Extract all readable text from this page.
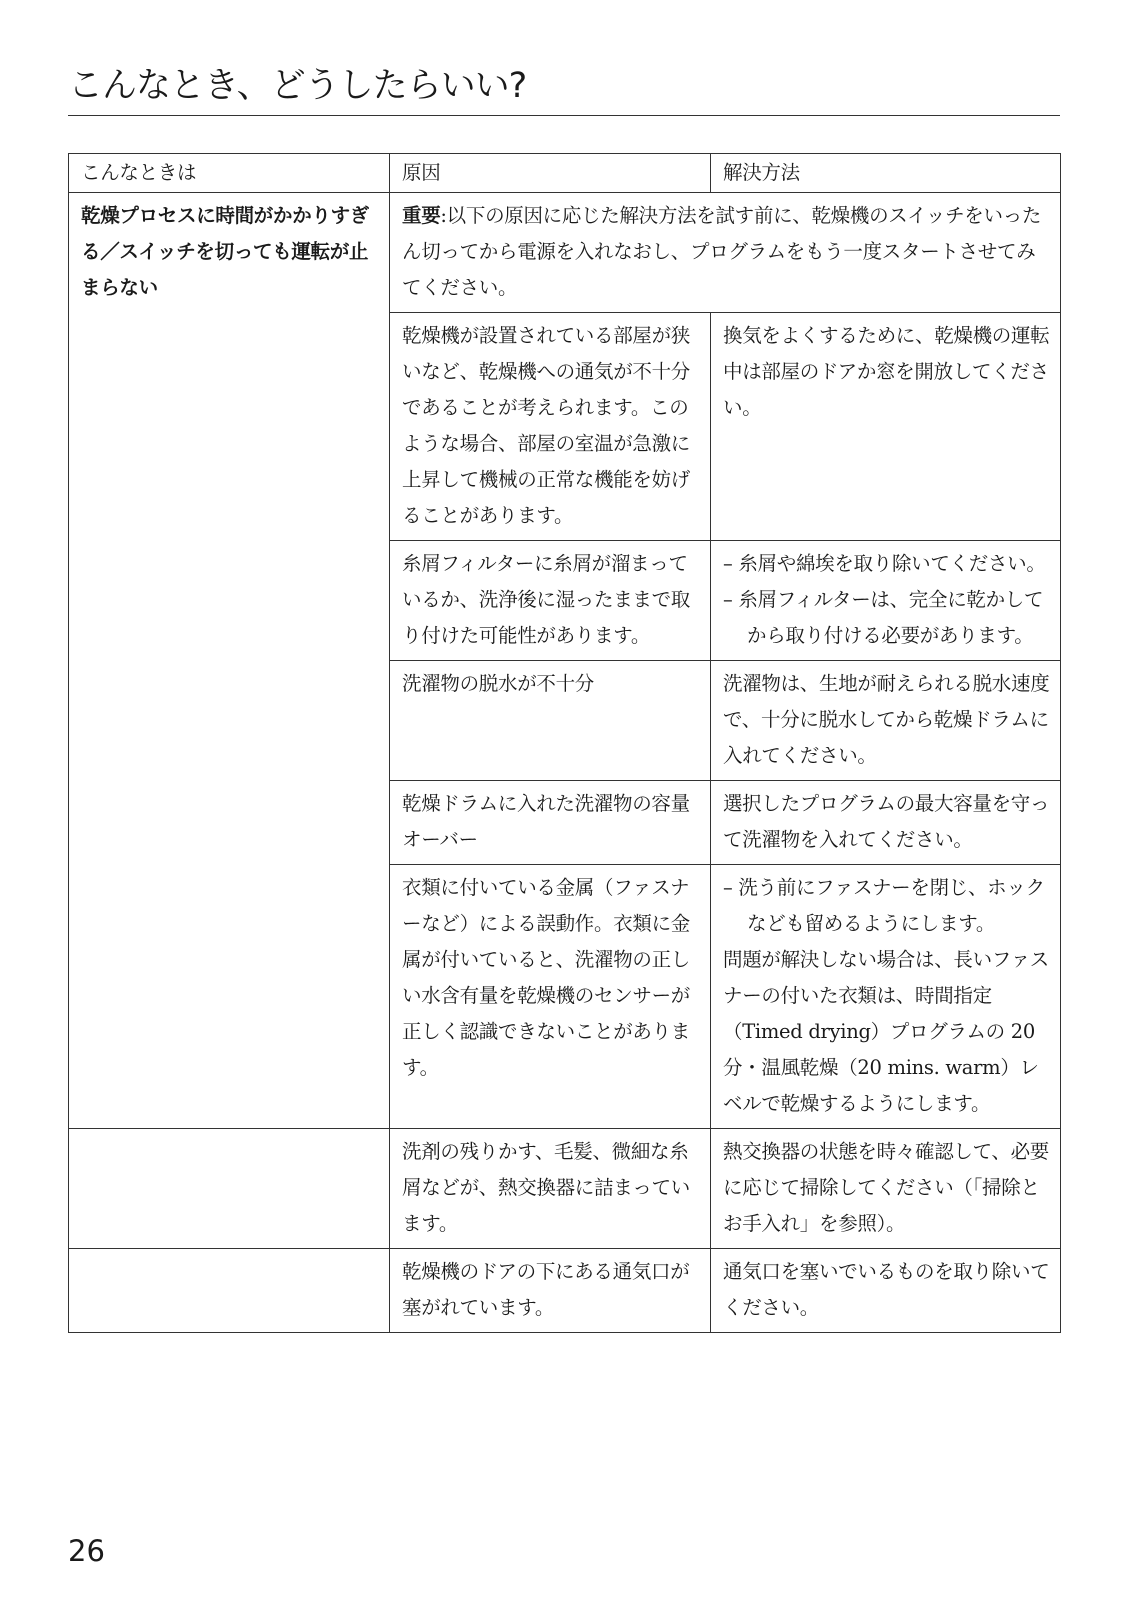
こんなとき、どうしたらいい?
こんなときは	原因	解決方法
乾燥プロセスに時間がかかりすぎる／スイッチを切っても運転が止まらない	重要:以下の原因に応じた解決方法を試す前に、乾燥機のスイッチをいったん切ってから電源を入れなおし、プログラムをもう一度スタートさせてみてください。	
	乾燥機が設置されている部屋が狭いなど、乾燥機への通気が不十分であることが考えられます。このような場合、部屋の室温が急激に上昇して機械の正常な機能を妨げることがあります。	換気をよくするために、乾燥機の運転中は部屋のドアか窓を開放してください。
	糸屑フィルターに糸屑が溜まっているか、洗浄後に湿ったままで取り付けた可能性があります。	– 糸屑や綿埃を取り除いてください。
– 糸屑フィルターは、完全に乾かしてから取り付ける必要があります。

	洗濯物の脱水が不十分	洗濯物は、生地が耐えられる脱水速度で、十分に脱水してから乾燥ドラムに入れてください。
	乾燥ドラムに入れた洗濯物の容量オーバー	選択したプログラムの最大容量を守って洗濯物を入れてください。
	衣類に付いている金属（ファスナーなど）による誤動作。衣類に金属が付いていると、洗濯物の正しい水含有量を乾燥機のセンサーが正しく認識できないことがあります。	– 洗う前にファスナーを閉じ、ホックなども留めるようにします。
問題が解決しない場合は、長いファスナーの付いた衣類は、時間指定（Timed drying）プログラムの 20 分・温風乾燥（20 mins. warm）レベルで乾燥するようにします。

	洗剤の残りかす、毛髪、微細な糸屑などが、熱交換器に詰まっています。	熱交換器の状態を時々確認して、必要に応じて掃除してください（「掃除とお手入れ」を参照）。
	乾燥機のドアの下にある通気口が塞がれています。	通気口を塞いでいるものを取り除いてください。
26
